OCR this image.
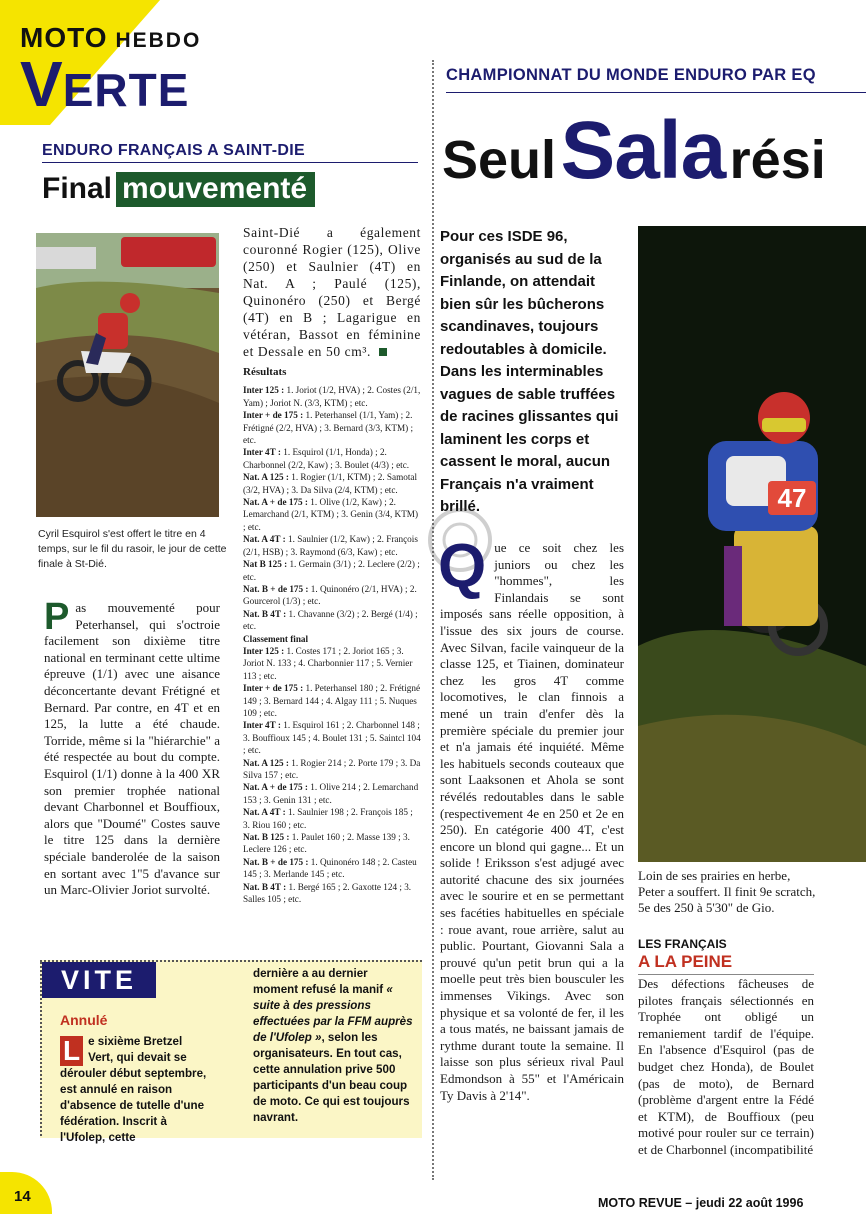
MOTO HEBDO
VERTE
ENDURO FRANÇAIS A SAINT-DIE
Final mouvementé
Cyril Esquirol s'est offert le titre en 4 temps, sur le fil du rasoir, le jour de cette finale à St-Dié.
Saint-Dié a également couronné Rogier (125), Olive (250) et Saulnier (4T) en Nat. A ; Paulé (125), Quinonéro (250) et Bergé (4T) en B ; Lagarigue en vétéran, Bassot en féminine et Dessale en 50 cm³.
Résultats

Inter 125 : 1. Joriot (1/2, HVA) ; 2. Costes (2/1, Yam) ; Joriot N. (3/3, KTM) ; etc.

Inter + de 175 : 1. Peterhansel (1/1, Yam) ; 2. Frétigné (2/2, HVA) ; 3. Bernard (3/3, KTM) ; etc.

Inter 4T : 1. Esquirol (1/1, Honda) ; 2. Charbonnel (2/2, Kaw) ; 3. Boulet (4/3) ; etc.

Nat. A 125 : 1. Rogier (1/1, KTM) ; 2. Samotal (3/2, HVA) ; 3. Da Silva (2/4, KTM) ; etc.

Nat. A + de 175 : 1. Olive (1/2, Kaw) ; 2. Lemarchand (2/1, KTM) ; 3. Genin (3/4, KTM) ; etc.

Nat. A 4T : 1. Saulnier (1/2, Kaw) ; 2. François (2/1, HSB) ; 3. Raymond (6/3, Kaw) ; etc.

Nat B 125 : 1. Germain (3/1) ; 2. Leclere (2/2) ; etc.

Nat. B + de 175 : 1. Quinonéro (2/1, HVA) ; 2. Gourcerol (1/3) ; etc.

Nat. B 4T : 1. Chavanne (3/2) ; 2. Bergé (1/4) ; etc.

Classement final

Inter 125 : 1. Costes 171 ; 2. Joriot 165 ; 3. Joriot N. 133 ; 4. Charbonnier 117 ; 5. Vernier 113 ; etc.

Inter + de 175 : 1. Peterhansel 180 ; 2. Frétigné 149 ; 3. Bernard 144 ; 4. Algay 111 ; 5. Nuques 109 ; etc.

Inter 4T : 1. Esquirol 161 ; 2. Charbonnel 148 ; 3. Bouffioux 145 ; 4. Boulet 131 ; 5. Saintcl 104 ; etc.

Nat. A 125 : 1. Rogier 214 ; 2. Porte 179 ; 3. Da Silva 157 ; etc.

Nat. A + de 175 : 1. Olive 214 ; 2. Lemarchand 153 ; 3. Genin 131 ; etc.

Nat. A 4T : 1. Saulnier 198 ; 2. François 185 ; 3. Riou 160 ; etc.

Nat. B 125 : 1. Paulet 160 ; 2. Masse 139 ; 3. Leclere 126 ; etc.

Nat. B + de 175 : 1. Quinonéro 148 ; 2. Casteu 145 ; 3. Merlande 145 ; etc.

Nat. B 4T : 1. Bergé 165 ; 2. Gaxotte 124 ; 3. Salles 105 ; etc.

Pas mouvementé pour Peterhansel, qui s'octroie facilement son dixième titre national en terminant cette ultime épreuve (1/1) avec une aisance déconcertante devant Frétigné et Bernard. Par contre, en 4T et en 125, la lutte a été chaude. Torride, même si la "hiérarchie" a été respectée au bout du compte. Esquirol (1/1) donne à la 400 XR son premier trophée national devant Charbonnel et Bouffioux, alors que "Doumé" Costes sauve le titre 125 dans la dernière spéciale banderolée de la saison en sortant avec 1"5 d'avance sur un Marc-Olivier Joriot survolté.
VITE
Annulé
L e sixième Bretzel Vert, qui devait se dérouler début septembre, est annulé en raison d'absence de tutelle d'une fédération. Inscrit à l'Ufolep, cette
dernière a au dernier moment refusé la manif « suite à des pressions effectuées par la FFM auprès de l'Ufolep », selon les organisateurs. En tout cas, cette annulation prive 500 participants d'un beau coup de moto. Ce qui est toujours navrant.
CHAMPIONNAT DU MONDE ENDURO PAR EQ
Seul Sala rési
Pour ces ISDE 96, organisés au sud de la Finlande, on attendait bien sûr les bûcherons scandinaves, toujours redoutables à domicile. Dans les interminables vagues de sable truffées de racines glissantes qui laminent les corps et cassent le moral, aucun Français n'a vraiment brillé.
Que ce soit chez les juniors ou chez les "hommes", les Finlandais se sont imposés sans réelle opposition, à l'issue des six jours de course. Avec Silvan, facile vainqueur de la classe 125, et Tiainen, dominateur chez les gros 4T comme locomotives, le clan finnois a mené un train d'enfer dès la première spéciale du premier jour et n'a jamais été inquiété. Même les habituels seconds couteaux que sont Laaksonen et Ahola se sont révélés redoutables dans le sable (respectivement 4e en 250 et 2e en 250). En catégorie 400 4T, c'est encore un blond qui gagne... Et un solide ! Eriksson s'est adjugé avec autorité chacune des six journées avec le sourire et en se permettant ses facéties habituelles en spéciale : roue avant, roue arrière, salut au public. Pourtant, Giovanni Sala a prouvé qu'un petit brun qui a la moelle peut très bien bousculer les immenses Vikings. Avec son physique et sa volonté de fer, il les a tous matés, ne baissant jamais de rythme durant toute la semaine. Il laisse son plus sérieux rival Paul Edmondson à 55" et l'Américain Ty Davis à 2'14".
47
Loin de ses prairies en herbe, Peter a souffert. Il finit 9e scratch, 5e des 250 à 5'30" de Gio.
LES FRANÇAIS
A LA PEINE
Des défections fâcheuses de pilotes français sélectionnés en Trophée ont obligé un remaniement tardif de l'équipe. En l'absence d'Esquirol (pas de budget chez Honda), de Boulet (pas de moto), de Bernard (problème d'argent entre la Fédé et KTM), de Bouffioux (peu motivé pour rouler sur ce terrain) et de Charbonnel (incompatibilité
14	MOTO REVUE – jeudi 22 août 1996
